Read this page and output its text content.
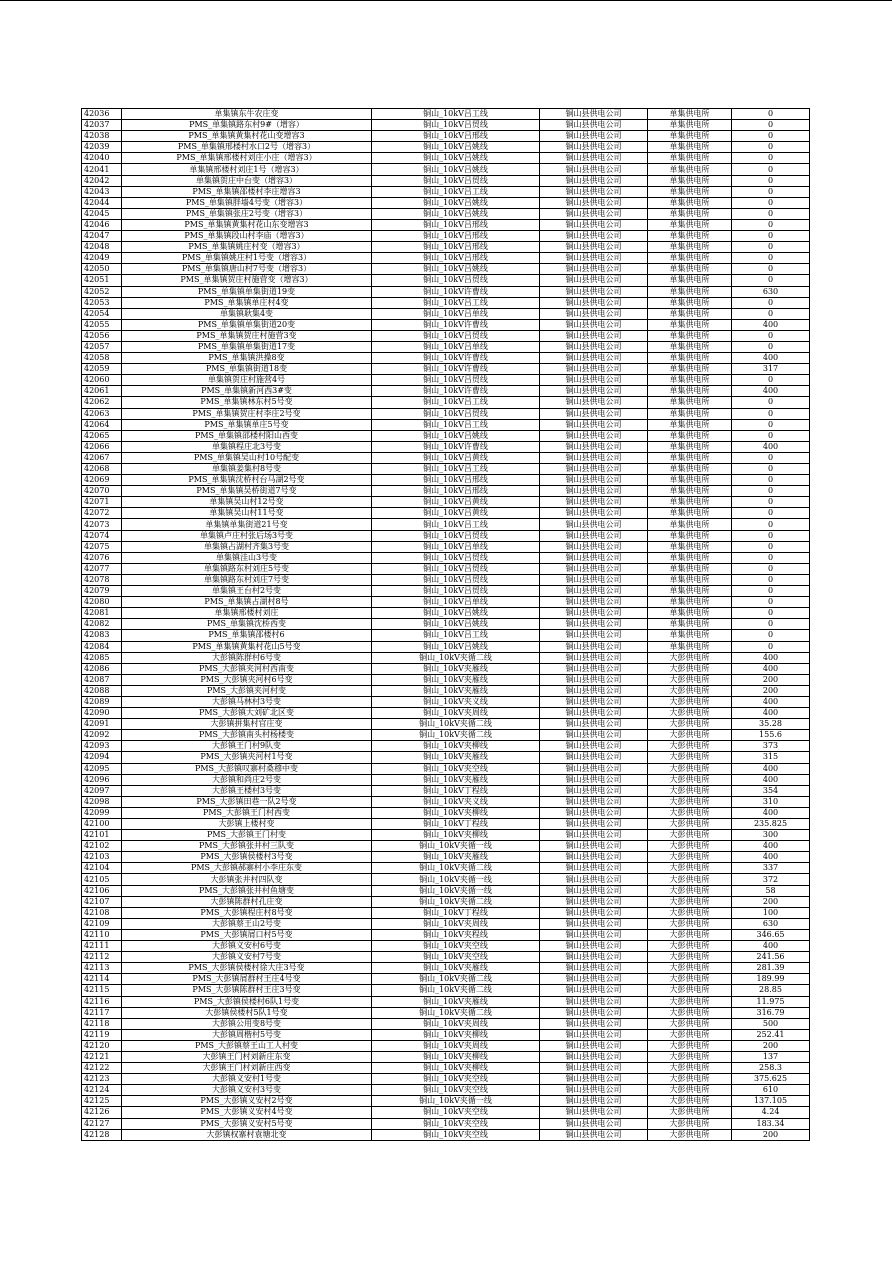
42036	单集镇东牛农庄变	铜山_10kV吕工线	铜山县供电公司	单集供电所	0
42037	PMS_单集镇路东村9#（增容）	铜山_10kV吕贸线	铜山县供电公司	单集供电所	0
42038	PMS_单集镇黄集村花山变增容3	铜山_10kV吕邢线	铜山县供电公司	单集供电所	0
42039	PMS_单集镇邢楼村水口2号（增容3）	铜山_10kV吕姚线	铜山县供电公司	单集供电所	0
42040	PMS_单集镇邢楼村刘庄小庄（增容3）	铜山_10kV吕姚线	铜山县供电公司	单集供电所	0
42041	单集镇邢楼村刘庄1号（增容3）	铜山_10kV吕姚线	铜山县供电公司	单集供电所	0
42042	单集镇贺庄中台变（增容3）	铜山_10kV吕贸线	铜山县供电公司	单集供电所	0
42043	PMS_单集镇邵楼村李庄增容3	铜山_10kV吕工线	铜山县供电公司	单集供电所	0
42044	PMS_单集镇胖墙4号变（增容3）	铜山_10kV吕姚线	铜山县供电公司	单集供电所	0
42045	PMS_单集镇张庄2号变（增容3）	铜山_10kV吕姚线	铜山县供电公司	单集供电所	0
42046	PMS_单集镇黄集村花山东变增容3	铜山_10kV吕邢线	铜山县供电公司	单集供电所	0
42047	PMS_单集镇段山村李庙（增容3）	铜山_10kV吕邢线	铜山县供电公司	单集供电所	0
42048	PMS_单集镇姚庄村变（增容3）	铜山_10kV吕邢线	铜山县供电公司	单集供电所	0
42049	PMS_单集镇姚庄村1号变（增容3）	铜山_10kV吕邢线	铜山县供电公司	单集供电所	0
42050	PMS_单集镇唐山村7号变（增容3）	铜山_10kV吕姚线	铜山县供电公司	单集供电所	0
42051	PMS_单集镇贺庄村施营变（增容3）	铜山_10kV吕贸线	铜山县供电公司	单集供电所	0
42052	PMS_单集镇单集街道19变	铜山_10kV许曹线	铜山县供电公司	单集供电所	630
42053	PMS_单集镇单庄村4变	铜山_10kV吕工线	铜山县供电公司	单集供电所	0
42054	单集镇耿集4变	铜山_10kV吕单线	铜山县供电公司	单集供电所	0
42055	PMS_单集镇单集街道20变	铜山_10kV许曹线	铜山县供电公司	单集供电所	400
42056	PMS_单集镇贺庄村施营3变	铜山_10kV吕贸线	铜山县供电公司	单集供电所	0
42057	PMS_单集镇单集街道17变	铜山_10kV吕单线	铜山县供电公司	单集供电所	0
42058	PMS_单集镇洪操8变	铜山_10kV许曹线	铜山县供电公司	单集供电所	400
42059	PMS_单集镇街道18变	铜山_10kV许曹线	铜山县供电公司	单集供电所	317
42060	单集镇贺庄村施营4号	铜山_10kV吕贸线	铜山县供电公司	单集供电所	0
42061	PMS_单集镇新河西3#变	铜山_10kV许曹线	铜山县供电公司	单集供电所	400
42062	PMS_单集镇林东村5号变	铜山_10kV吕工线	铜山县供电公司	单集供电所	0
42063	PMS_单集镇贺庄村李庄2号变	铜山_10kV吕贸线	铜山县供电公司	单集供电所	0
42064	PMS_单集镇单庄5号变	铜山_10kV吕工线	铜山县供电公司	单集供电所	0
42065	PMS_单集镇邵楼村阳山西变	铜山_10kV吕姚线	铜山县供电公司	单集供电所	0
42066	单集镇程庄北3号变	铜山_10kV许曹线	铜山县供电公司	单集供电所	400
42067	PMS_单集镇吴山村10号配变	铜山_10kV吕黄线	铜山县供电公司	单集供电所	0
42068	单集镇姜集村8号变	铜山_10kV吕工线	铜山县供电公司	单集供电所	0
42069	PMS_单集镇沈桥村台马湖2号变	铜山_10kV吕邢线	铜山县供电公司	单集供电所	0
42070	PMS_单集镇吴桥街道7号变	铜山_10kV吕邢线	铜山县供电公司	单集供电所	0
42071	单集镇吴山村12号变	铜山_10kV吕黄线	铜山县供电公司	单集供电所	0
42072	单集镇吴山村11号变	铜山_10kV吕黄线	铜山县供电公司	单集供电所	0
42073	单集镇单集街道21号变	铜山_10kV吕工线	铜山县供电公司	单集供电所	0
42074	单集镇卢庄村张后场3号变	铜山_10kV吕贸线	铜山县供电公司	单集供电所	0
42075	单集镇占湖村齐集3号变	铜山_10kV吕单线	铜山县供电公司	单集供电所	0
42076	单集镇洼山3号变	铜山_10kV吕贸线	铜山县供电公司	单集供电所	0
42077	单集镇路东村刘庄5号变	铜山_10kV吕贸线	铜山县供电公司	单集供电所	0
42078	单集镇路东村刘庄7号变	铜山_10kV吕贸线	铜山县供电公司	单集供电所	0
42079	单集镇王台村2号变	铜山_10kV吕贸线	铜山县供电公司	单集供电所	0
42080	PMS_单集镇占湖村8号	铜山_10kV吕单线	铜山县供电公司	单集供电所	0
42081	单集镇邢楼村刘庄	铜山_10kV吕姚线	铜山县供电公司	单集供电所	0
42082	PMS_单集镇沈桥西变	铜山_10kV吕姚线	铜山县供电公司	单集供电所	0
42083	PMS_单集镇邵楼村6	铜山_10kV吕工线	铜山县供电公司	单集供电所	0
42084	PMS_单集镇黄集村花山5号变	铜山_10kV吕姚线	铜山县供电公司	单集供电所	0
42085	大彭镇陈群村6号变	铜山_10kV夹循二线	铜山县供电公司	大彭供电所	400
42086	PMS_大彭镇夹河村西南变	铜山_10kV夹雁线	铜山县供电公司	大彭供电所	400
42087	PMS_大彭镇夹河村6号变	铜山_10kV夹雁线	铜山县供电公司	大彭供电所	200
42088	PMS_大彭镇夹河村变	铜山_10kV夹雁线	铜山县供电公司	大彭供电所	200
42089	大彭镇马林村3号变	铜山_10kV夹义线	铜山县供电公司	大彭供电所	400
42090	PMS_大彭镇大刘矿北区变	铜山_10kV夹周线	铜山县供电公司	大彭供电所	400
42091	大彭镇拼集村官庄变	铜山_10kV夹循二线	铜山县供电公司	大彭供电所	35.28
42092	PMS_大彭镇南头村杨楼变	铜山_10kV夹循二线	铜山县供电公司	大彭供电所	155.6
42093	大彭镇王门村9队变	铜山_10kV夹柳线	铜山县供电公司	大彭供电所	373
42094	PMS_大彭镇夹河村1号变	铜山_10kV夹雁线	铜山县供电公司	大彭供电所	315
42095	PMS_大彭镇叹寨村桑穆中变	铜山_10kV夹空线	铜山县供电公司	大彭供电所	400
42096	大彭镇和尚庄2号变	铜山_10kV夹雁线	铜山县供电公司	大彭供电所	400
42097	大彭镇王楼村3号变	铜山_10kV丁程线	铜山县供电公司	大彭供电所	354
42098	PMS_大彭镇田巷一队2号变	铜山_10kV夹义线	铜山县供电公司	大彭供电所	310
42099	PMS_大彭镇王门村西变	铜山_10kV夹柳线	铜山县供电公司	大彭供电所	400
42100	大彭镇上楼村变	铜山_10kV丁程线	铜山县供电公司	大彭供电所	235.825
42101	PMS_大彭镇王门村变	铜山_10kV夹柳线	铜山县供电公司	大彭供电所	300
42102	PMS_大彭镇张井村三队变	铜山_10kV夹循一线	铜山县供电公司	大彭供电所	400
42103	PMS_大彭镇侯楼村3号变	铜山_10kV夹雁线	铜山县供电公司	大彭供电所	400
42104	PMS_大彭镇郝寨村小李庄东变	铜山_10kV夹循二线	铜山县供电公司	大彭供电所	337
42105	大彭镇张井村四队变	铜山_10kV夹循一线	铜山县供电公司	大彭供电所	372
42106	PMS_大彭镇张井村鱼塘变	铜山_10kV夹循一线	铜山县供电公司	大彭供电所	58
42107	大彭镇陈群村孔庄变	铜山_10kV夹循二线	铜山县供电公司	大彭供电所	200
42108	PMS_大彭镇程庄村8号变	铜山_10kV丁程线	铜山县供电公司	大彭供电所	100
42109	大彭镇蔡王山2号变	铜山_10kV夹周线	铜山县供电公司	大彭供电所	630
42110	PMS_大彭镇屑口村5号变	铜山_10kV夹程线	铜山县供电公司	大彭供电所	346.65
42111	大彭镇义安村6号变	铜山_10kV夹空线	铜山县供电公司	大彭供电所	400
42112	大彭镇义安村7号变	铜山_10kV夹空线	铜山县供电公司	大彭供电所	241.56
42113	PMS_大彭镇侯楼村徐大庄3号变	铜山_10kV夹雁线	铜山县供电公司	大彭供电所	281.39
42114	PMS_大彭镇屑群村王庄4号变	铜山_10kV夹循二线	铜山县供电公司	大彭供电所	189.99
42115	PMS_大彭镇陈群村王庄3号变	铜山_10kV夹循二线	铜山县供电公司	大彭供电所	28.85
42116	PMS_大彭镇侯楼村6队1号变	铜山_10kV夹雁线	铜山县供电公司	大彭供电所	11.975
42117	大彭镇侯楼村5队1号变	铜山_10kV夹循二线	铜山县供电公司	大彭供电所	316.79
42118	大彭镇公用变8号变	铜山_10kV夹周线	铜山县供电公司	大彭供电所	500
42119	大彭镇周楷村5号变	铜山_10kV夹柳线	铜山县供电公司	大彭供电所	252.41
42120	PMS_大彭镇蔡王山工人村变	铜山_10kV夹周线	铜山县供电公司	大彭供电所	200
42121	大彭镇王门村刘新庄东变	铜山_10kV夹柳线	铜山县供电公司	大彭供电所	137
42122	大彭镇王门村刘新庄西变	铜山_10kV夹柳线	铜山县供电公司	大彭供电所	258.3
42123	大彭镇义安村1号变	铜山_10kV夹空线	铜山县供电公司	大彭供电所	375.625
42124	大彭镇义安村3号变	铜山_10kV夹空线	铜山县供电公司	大彭供电所	610
42125	PMS_大彭镇义安村2号变	铜山_10kV夹循一线	铜山县供电公司	大彭供电所	137.105
42126	PMS_大彭镇义安村4号变	铜山_10kV夹空线	铜山县供电公司	大彭供电所	4.24
42127	PMS_大彭镇义安村5号变	铜山_10kV夹空线	铜山县供电公司	大彭供电所	183.34
42128	大彭镇权寨村袁塘北变	铜山_10kV夹空线	铜山县供电公司	大彭供电所	200
